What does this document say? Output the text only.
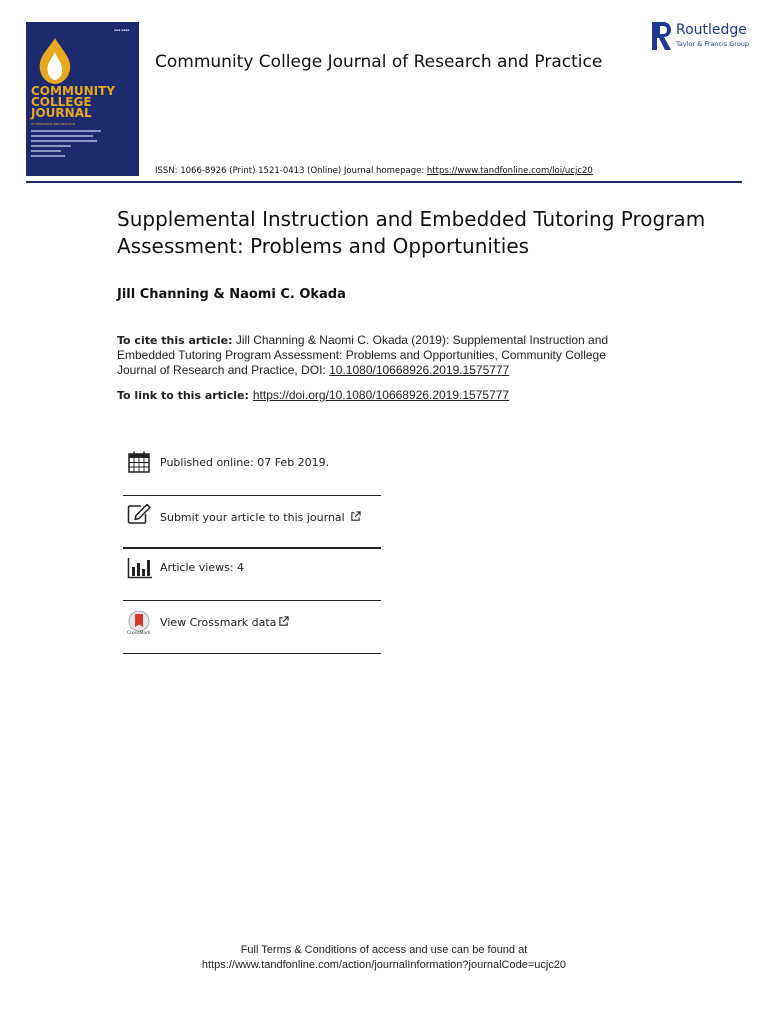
▪▪▪ ▪▪▪▪
COMMUNITY
COLLEGE
JOURNAL
OF RESEARCH AND PRACTICE
Community College Journal of Research and Practice
Routledge
Taylor & Francis Group
ISSN: 1066-8926 (Print) 1521-0413 (Online) Journal homepage: https://www.tandfonline.com/loi/ucjc20
Supplemental Instruction and Embedded Tutoring Program Assessment: Problems and Opportunities
Jill Channing & Naomi C. Okada
To cite this article: Jill Channing & Naomi C. Okada (2019): Supplemental Instruction and Embedded Tutoring Program Assessment: Problems and Opportunities, Community College Journal of Research and Practice, DOI: 10.1080/10668926.2019.1575777
To link to this article: https://doi.org/10.1080/10668926.2019.1575777
Published online: 07 Feb 2019.
Submit your article to this journal
Article views: 4
CrossMark
View Crossmark data
Full Terms & Conditions of access and use can be found at
https://www.tandfonline.com/action/journalInformation?journalCode=ucjc20
